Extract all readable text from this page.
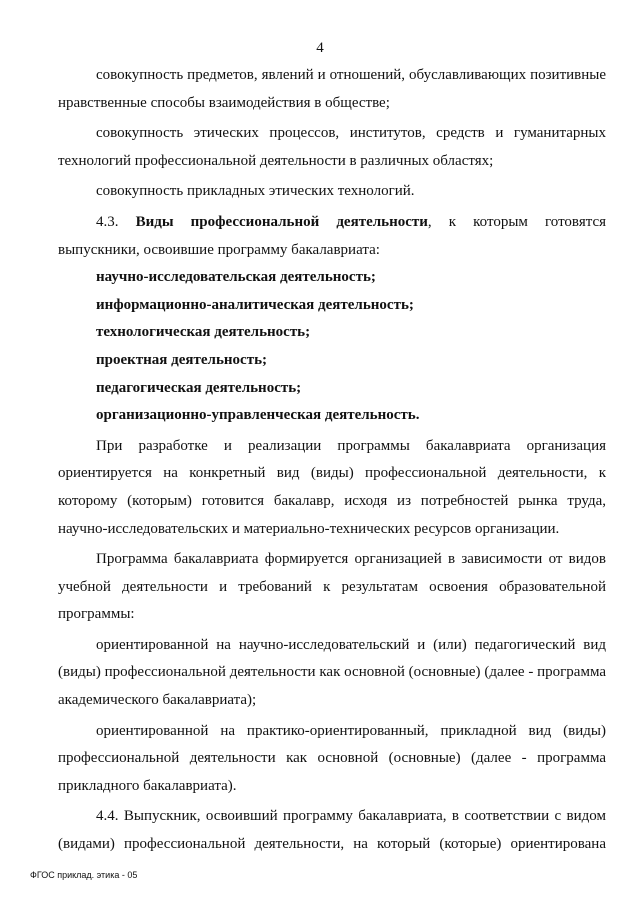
4

совокупность предметов, явлений и отношений, обуславливающих позитивные нравственные способы взаимодействия в обществе;

совокупность этических процессов, институтов, средств и гуманитарных технологий профессиональной деятельности в различных областях;

совокупность прикладных этических технологий.

4.3. Виды профессиональной деятельности, к которым готовятся выпускники, освоившие программу бакалавриата:

научно-исследовательская деятельность;

информационно-аналитическая деятельность;

технологическая деятельность;

проектная деятельность;

педагогическая деятельность;

организационно-управленческая деятельность.

При разработке и реализации программы бакалавриата организация ориентируется на конкретный вид (виды) профессиональной деятельности, к которому (которым) готовится бакалавр, исходя из потребностей рынка труда, научно-исследовательских и материально-технических ресурсов организации.

Программа бакалавриата формируется организацией в зависимости от видов учебной деятельности и требований к результатам освоения образовательной программы:

ориентированной на научно-исследовательский и (или) педагогический вид (виды) профессиональной деятельности как основной (основные) (далее - программа академического бакалавриата);

ориентированной на практико-ориентированный, прикладной вид (виды) профессиональной деятельности как основной (основные) (далее - программа прикладного бакалавриата).

4.4. Выпускник, освоивший программу бакалавриата, в соответствии с видом (видами) профессиональной деятельности, на который (которые) ориентирована

ФГОС приклад. этика - 05
